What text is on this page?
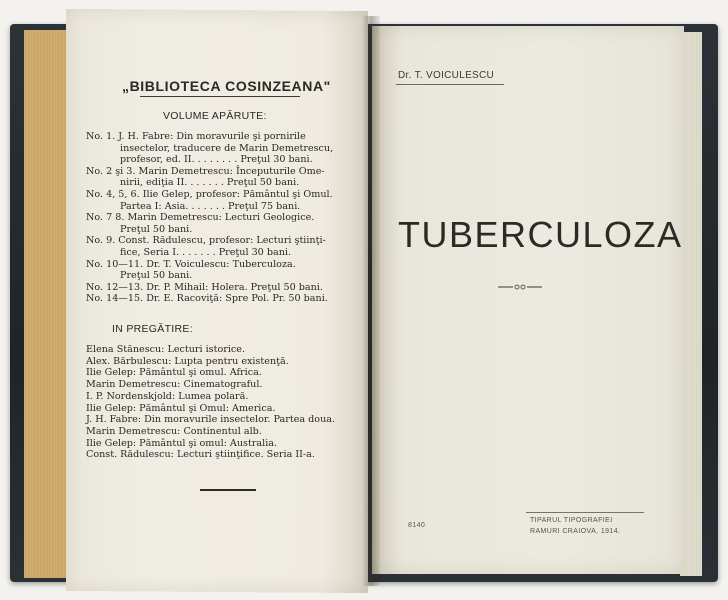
„BIBLIOTECA COSINZEANA"
VOLUME APĂRUTE:
No. 1. J. H. Fabre: Din moravurile şi pornirile
insectelor, traducere de Marin Demetrescu,
profesor, ed. II. . . . . . . . Preţul 30 bani.
No. 2 şi 3. Marin Demetrescu: Începuturile Ome-
nirii, ediţia II. . . . . . . Preţul 50 bani.
No. 4, 5, 6. Ilie Gelep, profesor: Pământul şi Omul.
Partea I: Asia. . . . . . . Preţul 75 bani.
No. 7 8. Marin Demetrescu: Lecturi Geologice.
Preţul 50 bani.
No. 9. Const. Rădulescu, profesor: Lecturi ştiinţi-
fice, Seria I. . . . . . . Preţul 30 bani.
No. 10—11. Dr. T. Voiculescu: Tuberculoza.
Preţul 50 bani.
No. 12—13. Dr. P. Mihail: Holera. Preţul 50 bani.
No. 14—15. Dr. E. Racoviţă: Spre Pol. Pr. 50 bani.
IN PREGĂTIRE:
Elena Stănescu: Lecturi istorice.
Alex. Bărbulescu: Lupta pentru existenţă.
Ilie Gelep: Pământul şi omul. Africa.
Marin Demetrescu: Cinematograful.
I. P. Nordenskjold: Lumea polară.
Ilie Gelep: Pământul şi Omul: America.
J. H. Fabre: Din moravurile insectelor. Partea doua.
Marin Demetrescu: Continentul alb.
Ilie Gelep: Pământul şi omul: Australia.
Const. Rădulescu: Lecturi ştiinţifice. Seria II-a.
Dr. T. VOICULESCU
TUBERCULOZA
8140
TIPARUL TIPOGRAFIEI
RAMURI CRAIOVA, 1914.
